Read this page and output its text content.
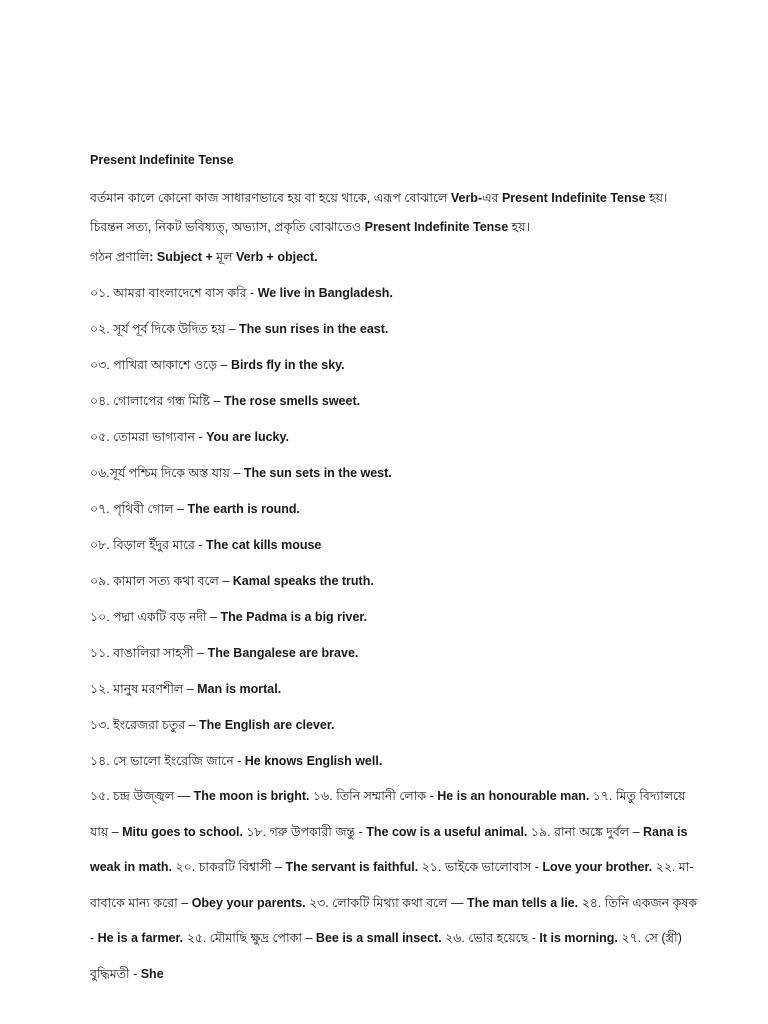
Present Indefinite Tense
বর্তমান কালে কোনো কাজ সাধারণভাবে হয় বা হয়ে থাকে, এরূপ বোঝালে Verb-এর Present Indefinite Tense হয়। চিরন্তন সত্য, নিকট ভবিষ্যত্, অভ্যাস, প্রকৃতি বোঝাতেও Present Indefinite Tense হয়।
গঠন প্রণালি: Subject + মূল Verb + object.
০১. আমরা বাংলাদেশে বাস করি - We live in Bangladesh.
০২. সূর্য পূর্ব দিকে উদিত হয় – The sun rises in the east.
০৩. পাখিরা আকাশে ওড়ে – Birds fly in the sky.
০৪. গোলাপের গন্ধ মিষ্টি – The rose smells sweet.
০৫. তোমরা ভাগ্যবান - You are lucky.
০৬.সূর্য পশ্চিম দিকে অস্ত যায় – The sun sets in the west.
০৭. পৃথিবী গোল – The earth is round.
০৮. বিড়াল ইঁদুর মারে - The cat kills mouse
০৯. কামাল সত্য কথা বলে – Kamal speaks the truth.
১০. পদ্মা একটি বড় নদী – The Padma is a big river.
১১. বাঙালিরা সাহসী – The Bangalese are brave.
১২. মানুষ মরণশীল – Man is mortal.
১৩. ইংরেজরা চতুর – The English are clever.
১৪. সে ভালো ইংরেজি জানে - He knows English well.
১৫. চন্দ্র উজ্জ্বল — The moon is bright. ১৬. তিনি সম্মানী লোক - He is an honourable man. ১৭. মিতু বিদ্যালয়ে যায় – Mitu goes to school. ১৮. গরু উপকারী জন্তু - The cow is a useful animal. ১৯. রানা অঙ্কে দুর্বল – Rana is weak in math. ২০. চাকরটি বিশ্বাসী – The servant is faithful. ২১. ভাইকে ভালোবাস - Love your brother. ২২. মা-বাবাকে মান্য করো – Obey your parents. ২৩. লোকটি মিথ্যা কথা বলে — The man tells a lie. ২৪. তিনি একজন কৃষক - He is a farmer. ২৫. মৌমাছি ক্ষুদ্র পোকা – Bee is a small insect. ২৬. ভোর হয়েছে - It is morning. ২৭. সে (স্ত্রী) বুদ্ধিমতী - She
